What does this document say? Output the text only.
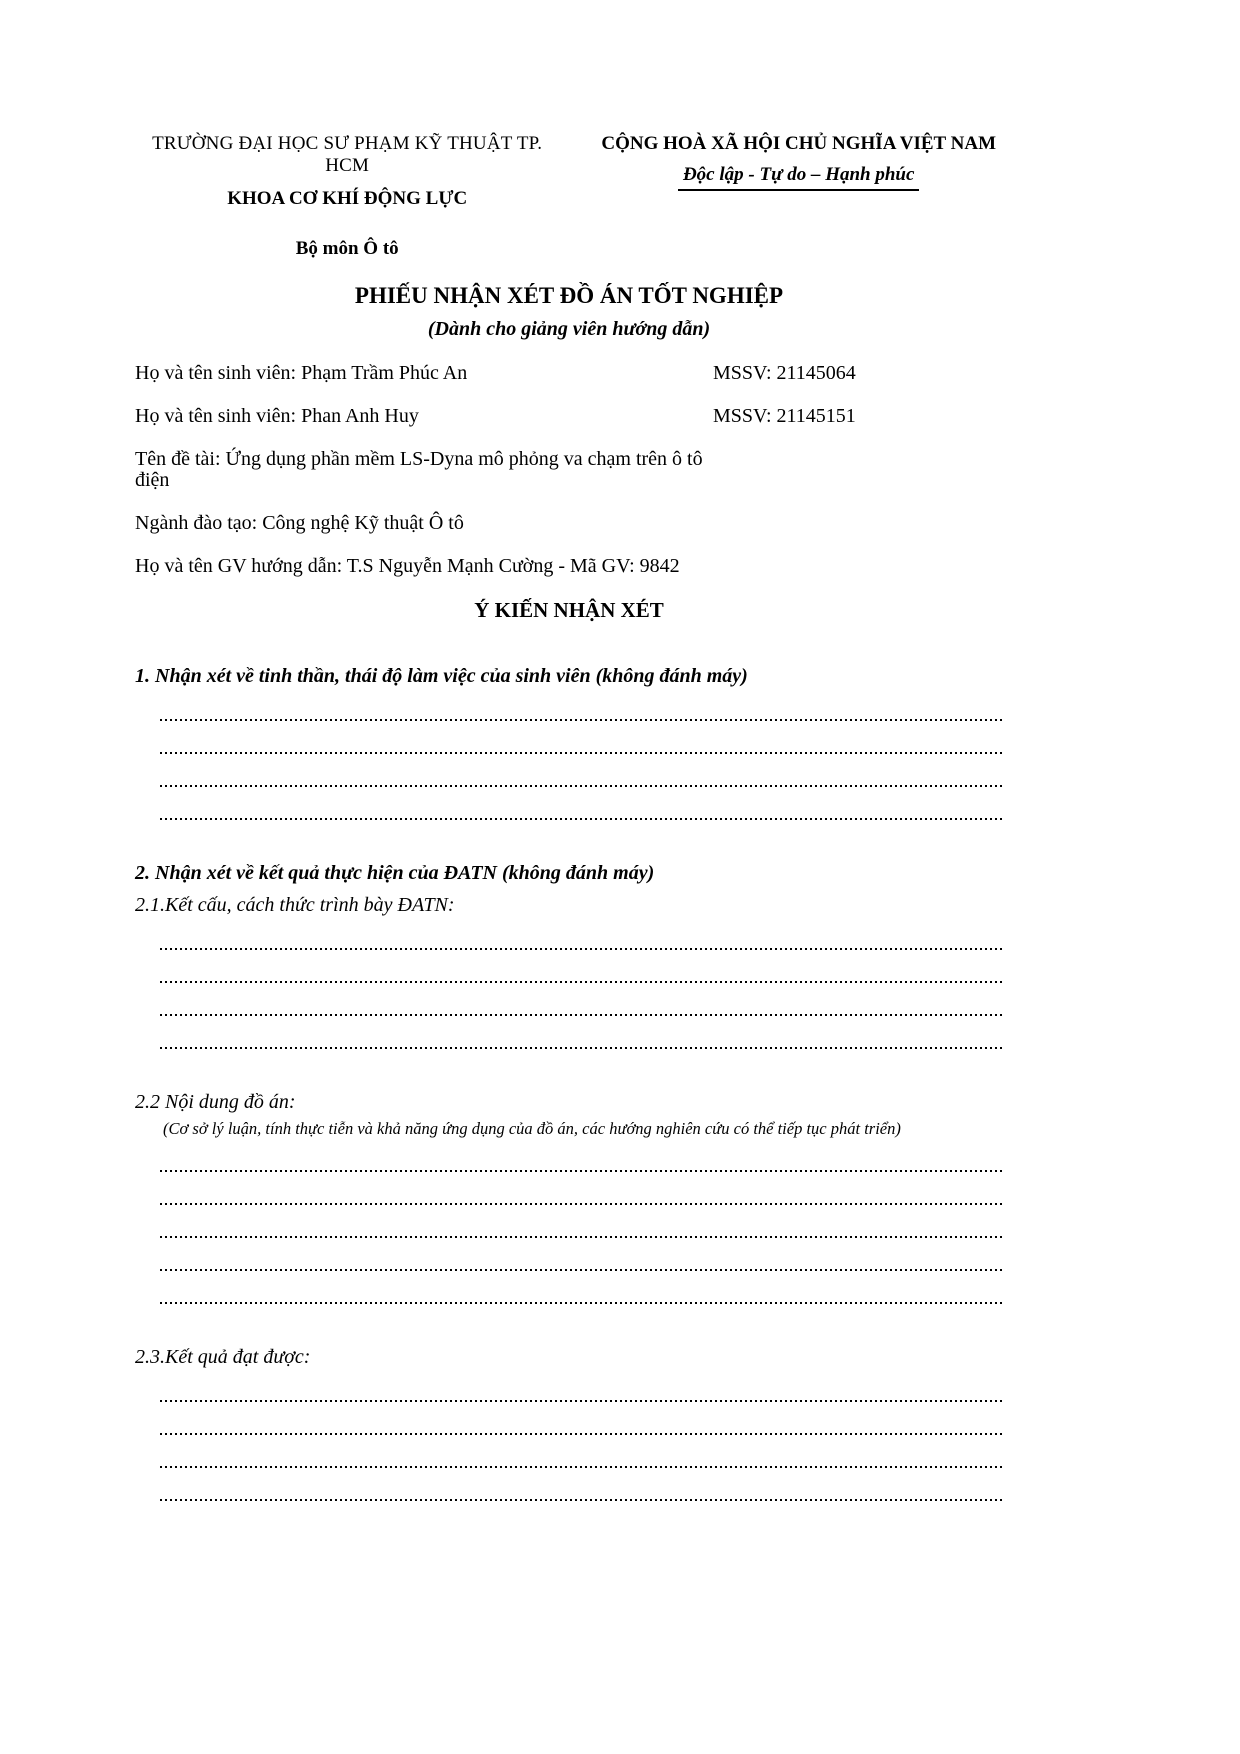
TRƯỜNG ĐẠI HỌC SƯ PHẠM KỸ THUẬT TP. HCM
KHOA CƠ KHÍ ĐỘNG LỰC
Bộ môn Ô tô
CỘNG HOÀ XÃ HỘI CHỦ NGHĨA VIỆT NAM
Độc lập - Tự do – Hạnh phúc
PHIẾU NHẬN XÉT ĐỒ ÁN TỐT NGHIỆP
(Dành cho giảng viên hướng dẫn)
Họ và tên sinh viên: Phạm Trầm Phúc An	MSSV: 21145064
Họ và tên sinh viên: Phan Anh Huy	MSSV: 21145151
Tên đề tài: Ứng dụng phần mềm LS-Dyna mô phỏng va chạm trên ô tô điện
Ngành đào tạo: Công nghệ Kỹ thuật Ô tô
Họ và tên GV hướng dẫn: T.S Nguyễn Mạnh Cường - Mã GV: 9842
Ý KIẾN NHẬN XÉT
1. Nhận xét về tinh thần, thái độ làm việc của sinh viên (không đánh máy)
2. Nhận xét về kết quả thực hiện của ĐATN (không đánh máy)
2.1.Kết cấu, cách thức trình bày ĐATN:
2.2 Nội dung đồ án:
(Cơ sở lý luận, tính thực tiễn và khả năng ứng dụng của đồ án, các hướng nghiên cứu có thể tiếp tục phát triển)
2.3.Kết quả đạt được:
